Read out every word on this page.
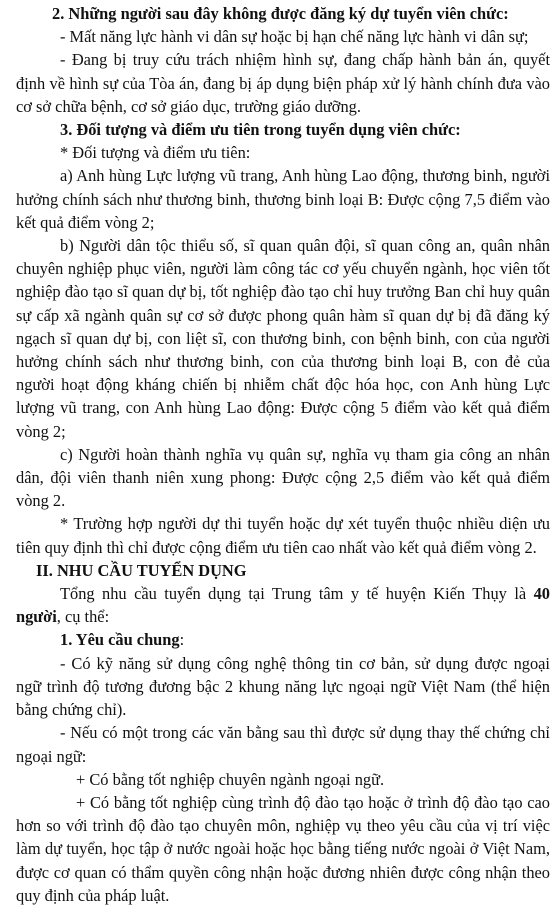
2. Những người sau đây không được đăng ký dự tuyển viên chức:

- Mất năng lực hành vi dân sự hoặc bị hạn chế năng lực hành vi dân sự;

- Đang bị truy cứu trách nhiệm hình sự, đang chấp hành bản án, quyết định về hình sự của Tòa án, đang bị áp dụng biện pháp xử lý hành chính đưa vào cơ sở chữa bệnh, cơ sở giáo dục, trường giáo dưỡng.

3. Đối tượng và điểm ưu tiên trong tuyển dụng viên chức:

* Đối tượng và điểm ưu tiên:

a) Anh hùng Lực lượng vũ trang, Anh hùng Lao động, thương binh, người hưởng chính sách như thương binh, thương binh loại B: Được cộng 7,5 điểm vào kết quả điểm vòng 2;

b) Người dân tộc thiểu số, sĩ quan quân đội, sĩ quan công an, quân nhân chuyên nghiệp phục viên, người làm công tác cơ yếu chuyển ngành, học viên tốt nghiệp đào tạo sĩ quan dự bị, tốt nghiệp đào tạo chỉ huy trưởng Ban chỉ huy quân sự cấp xã ngành quân sự cơ sở được phong quân hàm sĩ quan dự bị đã đăng ký ngạch sĩ quan dự bị, con liệt sĩ, con thương binh, con bệnh binh, con của người hưởng chính sách như thương binh, con của thương binh loại B, con đẻ của người hoạt động kháng chiến bị nhiễm chất độc hóa học, con Anh hùng Lực lượng vũ trang, con Anh hùng Lao động: Được cộng 5 điểm vào kết quả điểm vòng 2;

c) Người hoàn thành nghĩa vụ quân sự, nghĩa vụ tham gia công an nhân dân, đội viên thanh niên xung phong: Được cộng 2,5 điểm vào kết quả điểm vòng 2.

* Trường hợp người dự thi tuyển hoặc dự xét tuyển thuộc nhiều diện ưu tiên quy định thì chỉ được cộng điểm ưu tiên cao nhất vào kết quả điểm vòng 2.

II. NHU CẦU TUYỂN DỤNG

Tổng nhu cầu tuyển dụng tại Trung tâm y tế huyện Kiến Thụy là 40 người, cụ thể:

1. Yêu cầu chung:

- Có kỹ năng sử dụng công nghệ thông tin cơ bản, sử dụng được ngoại ngữ trình độ tương đương bậc 2 khung năng lực ngoại ngữ Việt Nam (thể hiện bằng chứng chỉ).

- Nếu có một trong các văn bằng sau thì được sử dụng thay thế chứng chỉ ngoại ngữ:

+ Có bằng tốt nghiệp chuyên ngành ngoại ngữ.

+ Có bằng tốt nghiệp cùng trình độ đào tạo hoặc ở trình độ đào tạo cao hơn so với trình độ đào tạo chuyên môn, nghiệp vụ theo yêu cầu của vị trí việc làm dự tuyển, học tập ở nước ngoài hoặc học bằng tiếng nước ngoài ở Việt Nam, được cơ quan có thẩm quyền công nhận hoặc đương nhiên được công nhận theo quy định của pháp luật.
